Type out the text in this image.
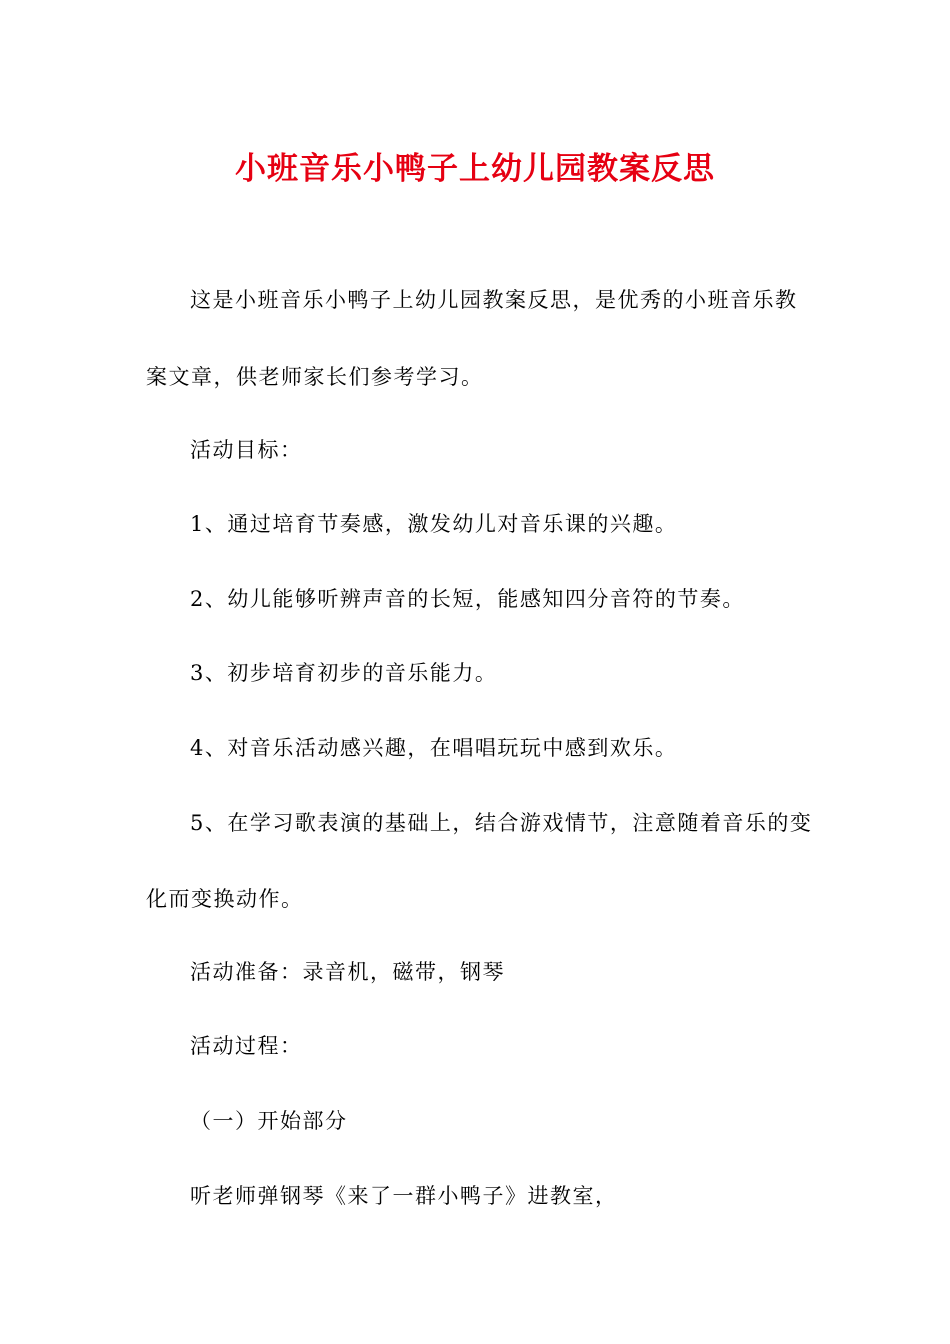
小班音乐小鸭子上幼儿园教案反思
这是小班音乐小鸭子上幼儿园教案反思，是优秀的小班音乐教
案文章，供老师家长们参考学习。
活动目标：
1、通过培育节奏感，激发幼儿对音乐课的兴趣。
2、幼儿能够听辨声音的长短，能感知四分音符的节奏。
3、初步培育初步的音乐能力。
4、对音乐活动感兴趣，在唱唱玩玩中感到欢乐。
5、在学习歌表演的基础上，结合游戏情节，注意随着音乐的变
化而变换动作。
活动准备：录音机，磁带，钢琴
活动过程：
（一）开始部分
听老师弹钢琴《来了一群小鸭子》进教室，
